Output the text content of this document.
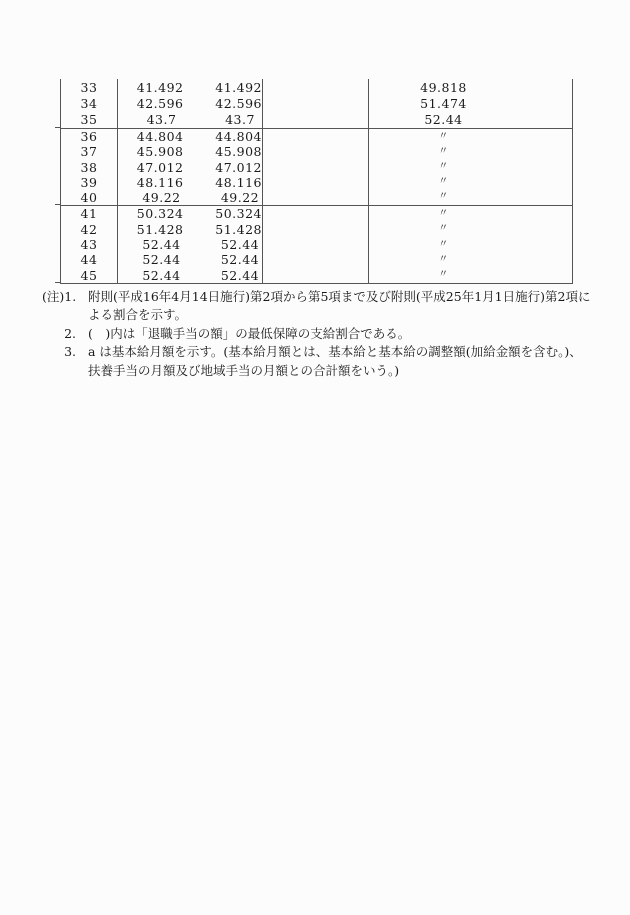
33	41.492	41.492	49.818
34	42.596	42.596	51.474
35	43.7	43.7	52.44
36	44.804	44.804	〃
37	45.908	45.908	〃
38	47.012	47.012	〃
39	48.116	48.116	〃
40	49.22	49.22	〃
41	50.324	50.324	〃
42	51.428	51.428	〃
43	52.44	52.44	〃
44	52.44	52.44	〃
45	52.44	52.44	〃
(注)1. 附則(平成16年4月14日施行)第2項から第5項まで及び附則(平成25年1月1日施行)第2項に
よる割合を示す。
2. (　)内は「退職手当の額」の最低保障の支給割合である。
3. a は基本給月額を示す。(基本給月額とは、基本給と基本給の調整額(加給金額を含む。)、
扶養手当の月額及び地域手当の月額との合計額をいう。)
